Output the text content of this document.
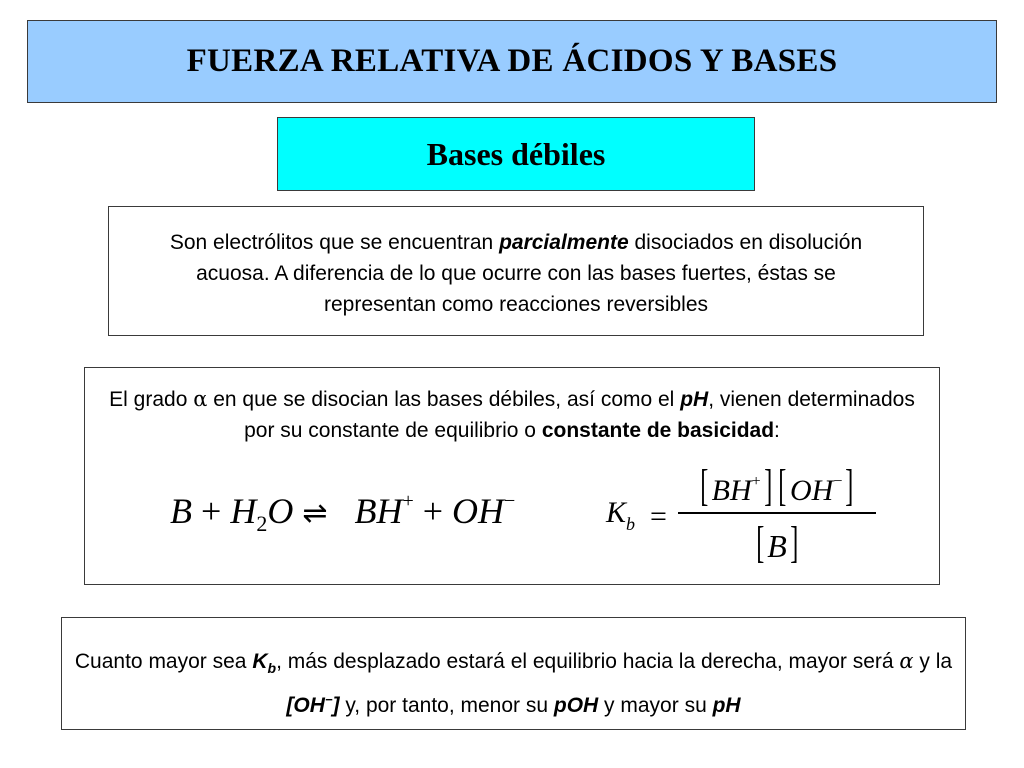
FUERZA RELATIVA DE ÁCIDOS Y BASES
Bases débiles
Son electrólitos que se encuentran parcialmente disociados en disolución acuosa. A diferencia de lo que ocurre con las bases fuertes, éstas se representan como reacciones reversibles
El grado α en que se disocian las bases débiles, así como el pH, vienen determinados por su constante de equilibrio o constante de basicidad:
$B + H_2O$ ⇌ BH+ + OH−	$K_b$ =
[ BH+] [ OH−]
[ B]
Cuanto mayor sea $K_b$, más desplazado estará el equilibrio hacia la derecha, mayor será α y la [OH−] y, por tanto, menor su pOH y mayor su pH
